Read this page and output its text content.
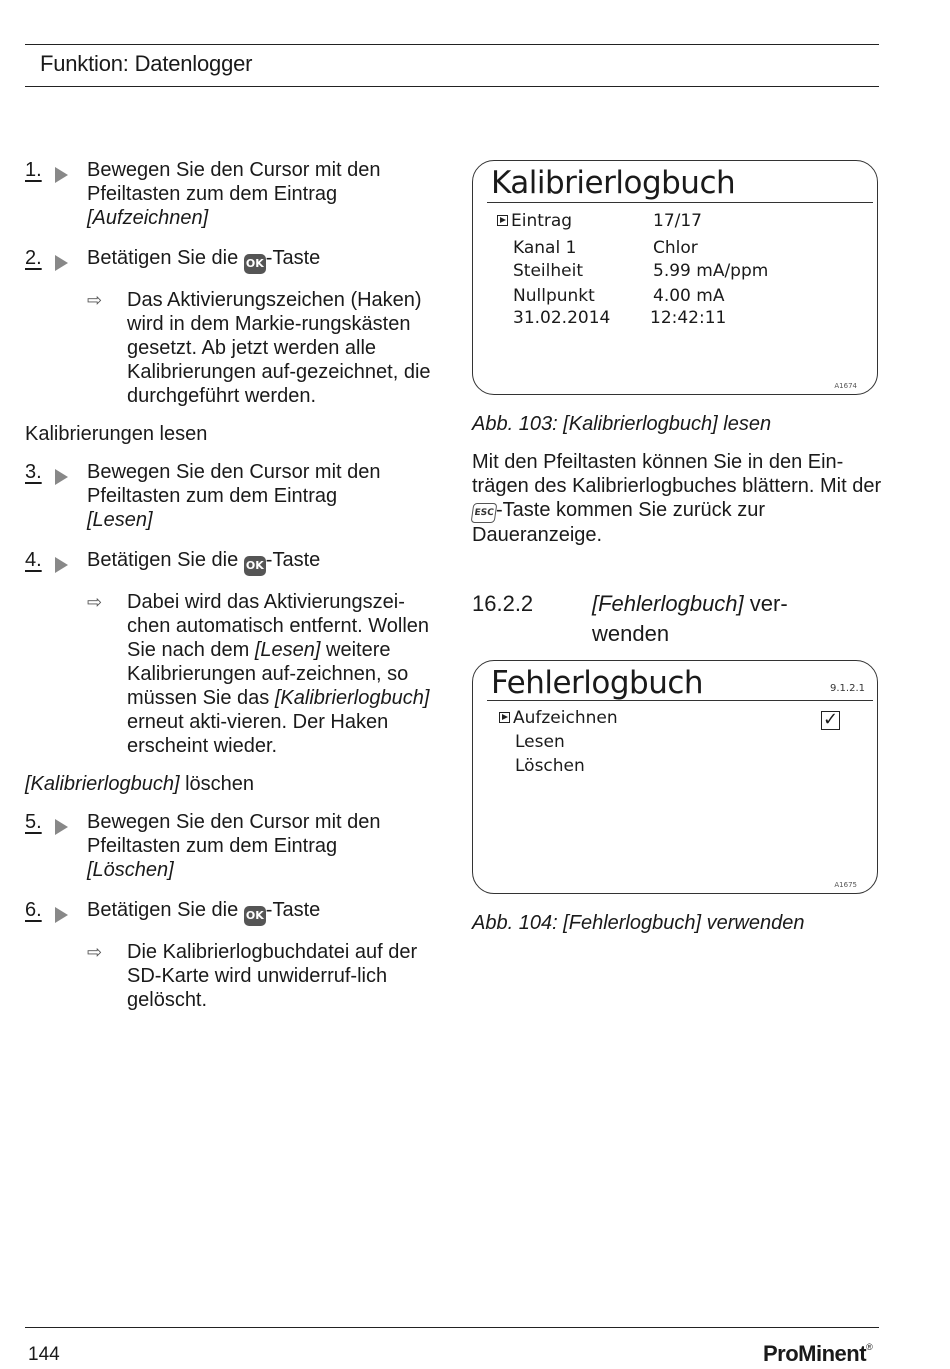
Funktion: Datenlogger
1.	Bewegen Sie den Cursor mit den Pfeiltasten zum dem Eintrag
[Aufzeichnen]
2.	Betätigen Sie die OK -Taste
⇨ Das Aktivierungszeichen (Haken) wird in dem Markie-rungskästen gesetzt. Ab jetzt werden alle Kalibrierungen auf-gezeichnet, die durchgeführt werden.
Kalibrierungen lesen
3.	Bewegen Sie den Cursor mit den Pfeiltasten zum dem Eintrag
[Lesen]
4.	Betätigen Sie die OK -Taste
⇨ Dabei wird das Aktivierungszei-chen automatisch entfernt. Wollen Sie nach dem [Lesen] weitere Kalibrierungen auf-zeichnen, so müssen Sie das [Kalibrierlogbuch] erneut akti-vieren. Der Haken erscheint wieder.
[Kalibrierlogbuch] löschen
5.	Bewegen Sie den Cursor mit den Pfeiltasten zum dem Eintrag
[Löschen]
6.	Betätigen Sie die OK -Taste
⇨ Die Kalibrierlogbuchdatei auf der SD-Karte wird unwiderruf-lich gelöscht.
Kalibrierlogbuch
Eintrag	17/17
Kanal 1	Chlor
Steilheit	5.99 mA/ppm
Nullpunkt	4.00 mA
31.02.2014 12:42:11
A1674
Abb. 103: [Kalibrierlogbuch] lesen
Mit den Pfeiltasten können Sie in den Ein-trägen des Kalibrierlogbuches blättern. Mit der ESC-Taste kommen Sie zurück zur Daueranzeige.
16.2.2	[Fehlerlogbuch] ver-wenden
Fehlerlogbuch	9.1.2.1
Aufzeichnen	✓
Lesen
Löschen
A1675
Abb. 104: [Fehlerlogbuch] verwenden
144	ProMinent®
